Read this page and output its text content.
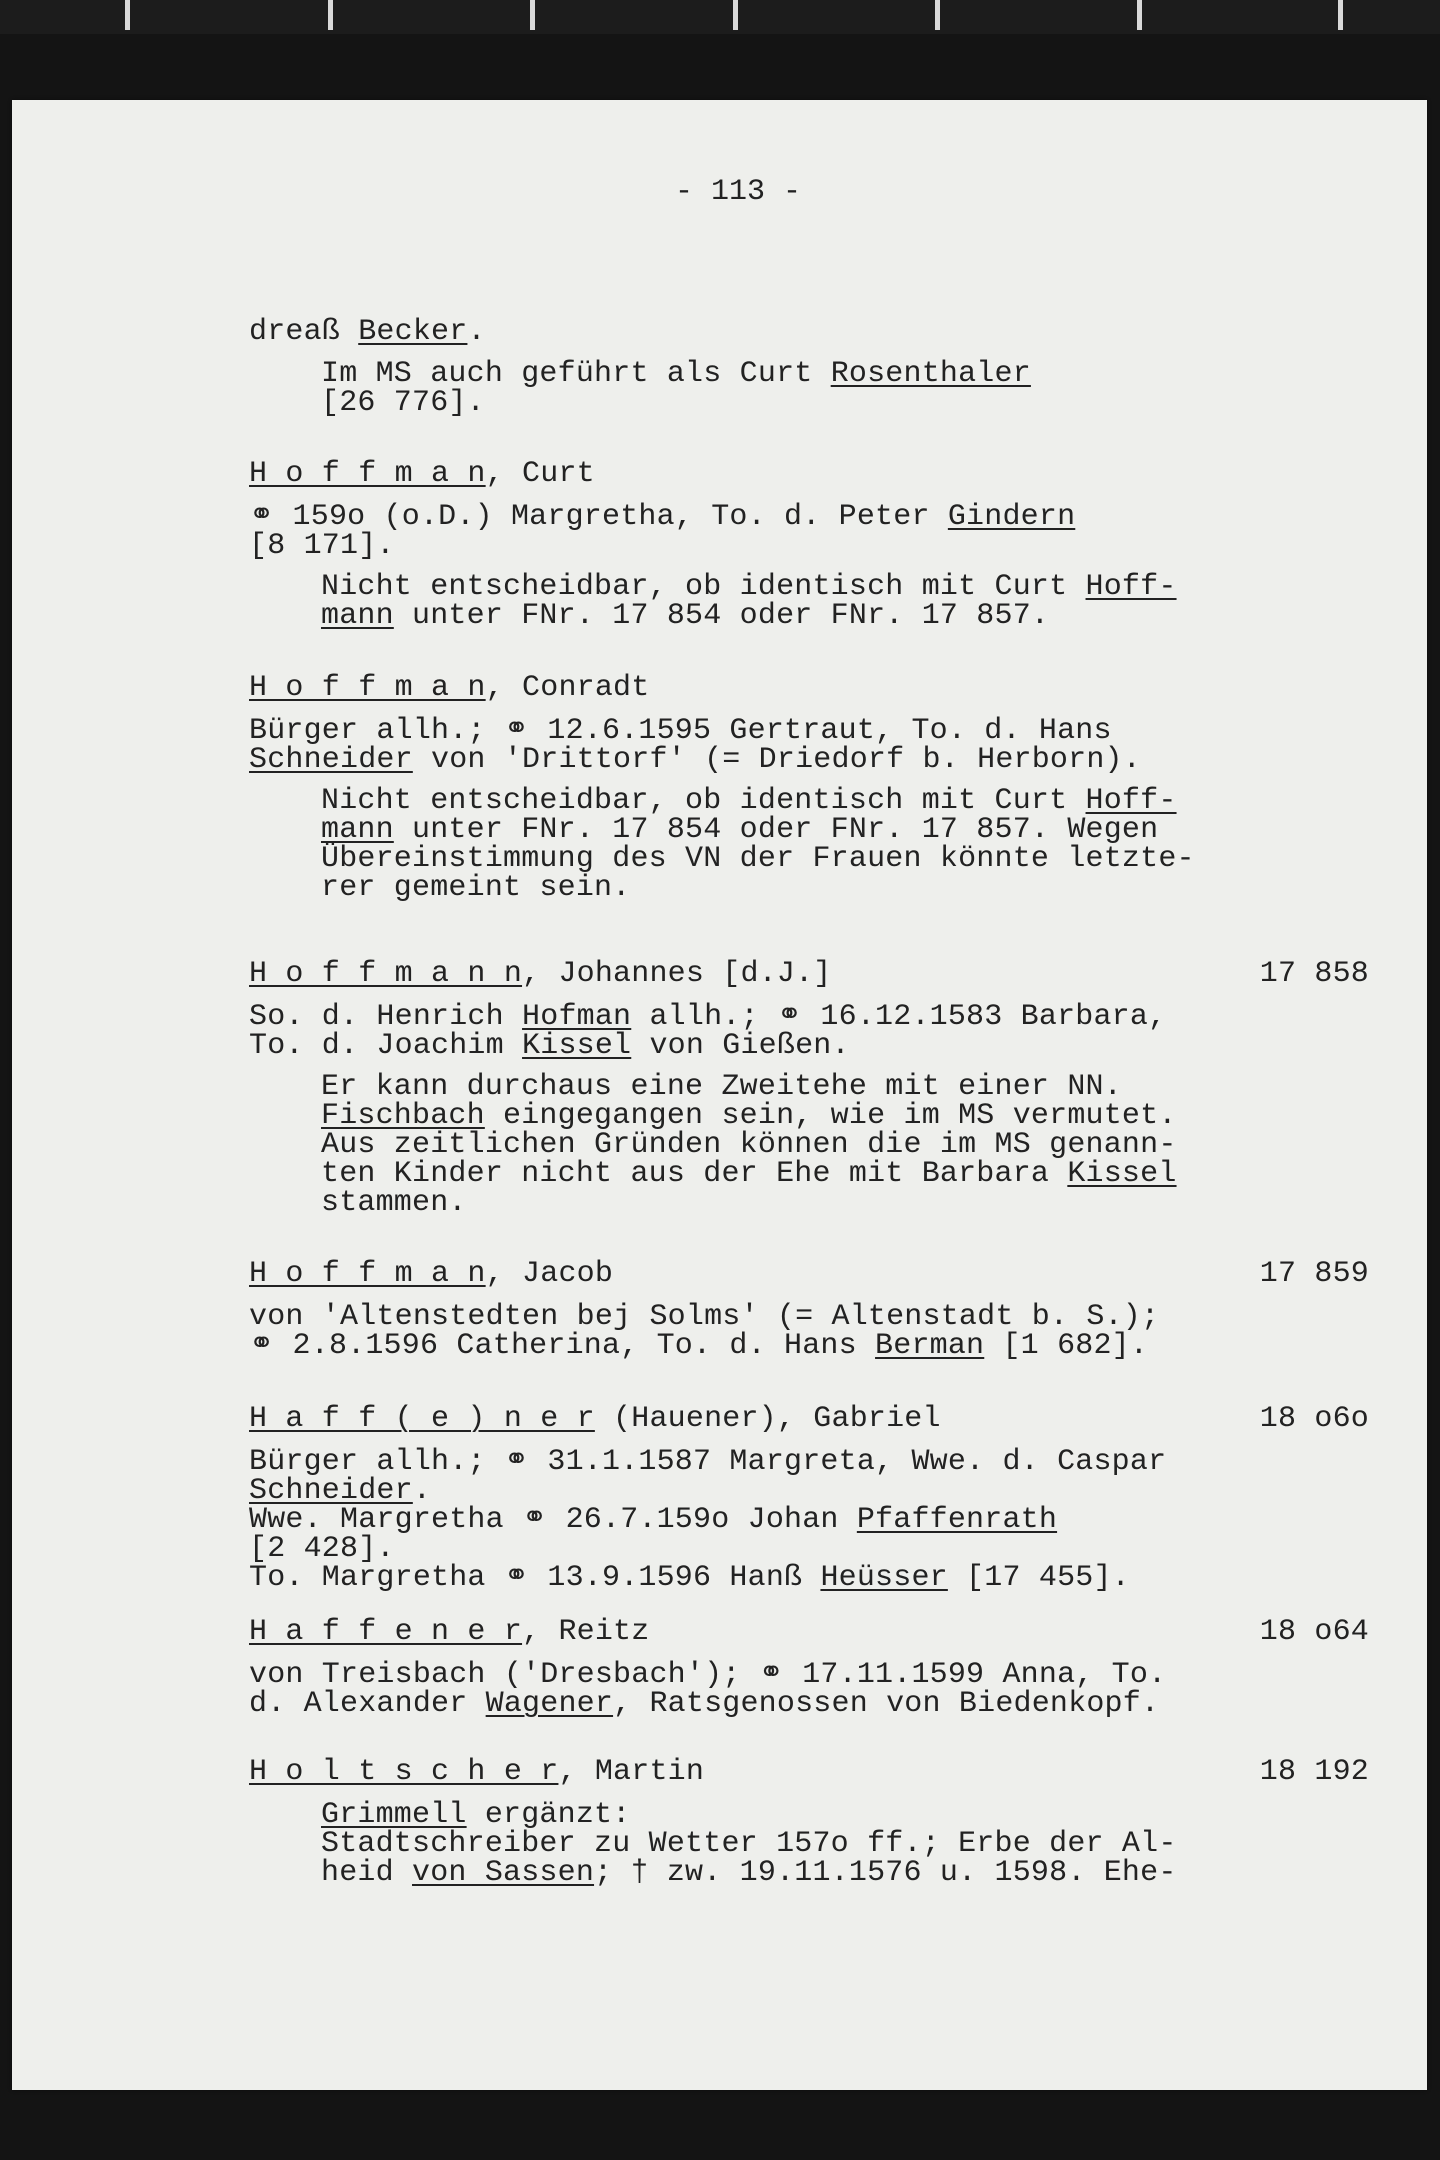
- 113 -
dreaß Becker.
Im MS auch geführt als Curt Rosenthaler
[26 776].
H o f f m a n, Curt
⚭ 159o (o.D.) Margretha, To. d. Peter Gindern
[8 171].
Nicht entscheidbar, ob identisch mit Curt Hoff-
mann unter FNr. 17 854 oder FNr. 17 857.
H o f f m a n, Conradt
Bürger allh.; ⚭ 12.6.1595 Gertraut, To. d. Hans
Schneider von 'Drittorf' (= Driedorf b. Herborn).
Nicht entscheidbar, ob identisch mit Curt Hoff-
mann unter FNr. 17 854 oder FNr. 17 857. Wegen
Übereinstimmung des VN der Frauen könnte letzte-
rer gemeint sein.
H o f f m a n n, Johannes [d.J.]	17 858
So. d. Henrich Hofman allh.; ⚭ 16.12.1583 Barbara,
To. d. Joachim Kissel von Gießen.
Er kann durchaus eine Zweitehe mit einer NN.
Fischbach eingegangen sein, wie im MS vermutet.
Aus zeitlichen Gründen können die im MS genann-
ten Kinder nicht aus der Ehe mit Barbara Kissel
stammen.
H o f f m a n, Jacob	17 859
von 'Altenstedten bej Solms' (= Altenstadt b. S.);
⚭ 2.8.1596 Catherina, To. d. Hans Berman [1 682].
H a f f ( e ) n e r (Hauener), Gabriel	18 o6o
Bürger allh.; ⚭ 31.1.1587 Margreta, Wwe. d. Caspar
Schneider.
Wwe. Margretha ⚭ 26.7.159o Johan Pfaffenrath
[2 428].
To. Margretha ⚭ 13.9.1596 Hanß Heüsser [17 455].
H a f f e n e r, Reitz	18 o64
von Treisbach ('Dresbach'); ⚭ 17.11.1599 Anna, To.
d. Alexander Wagener, Ratsgenossen von Biedenkopf.
H o l t s c h e r, Martin	18 192
Grimmell ergänzt:
Stadtschreiber zu Wetter 157o ff.; Erbe der Al-
heid von Sassen; † zw. 19.11.1576 u. 1598. Ehe-
